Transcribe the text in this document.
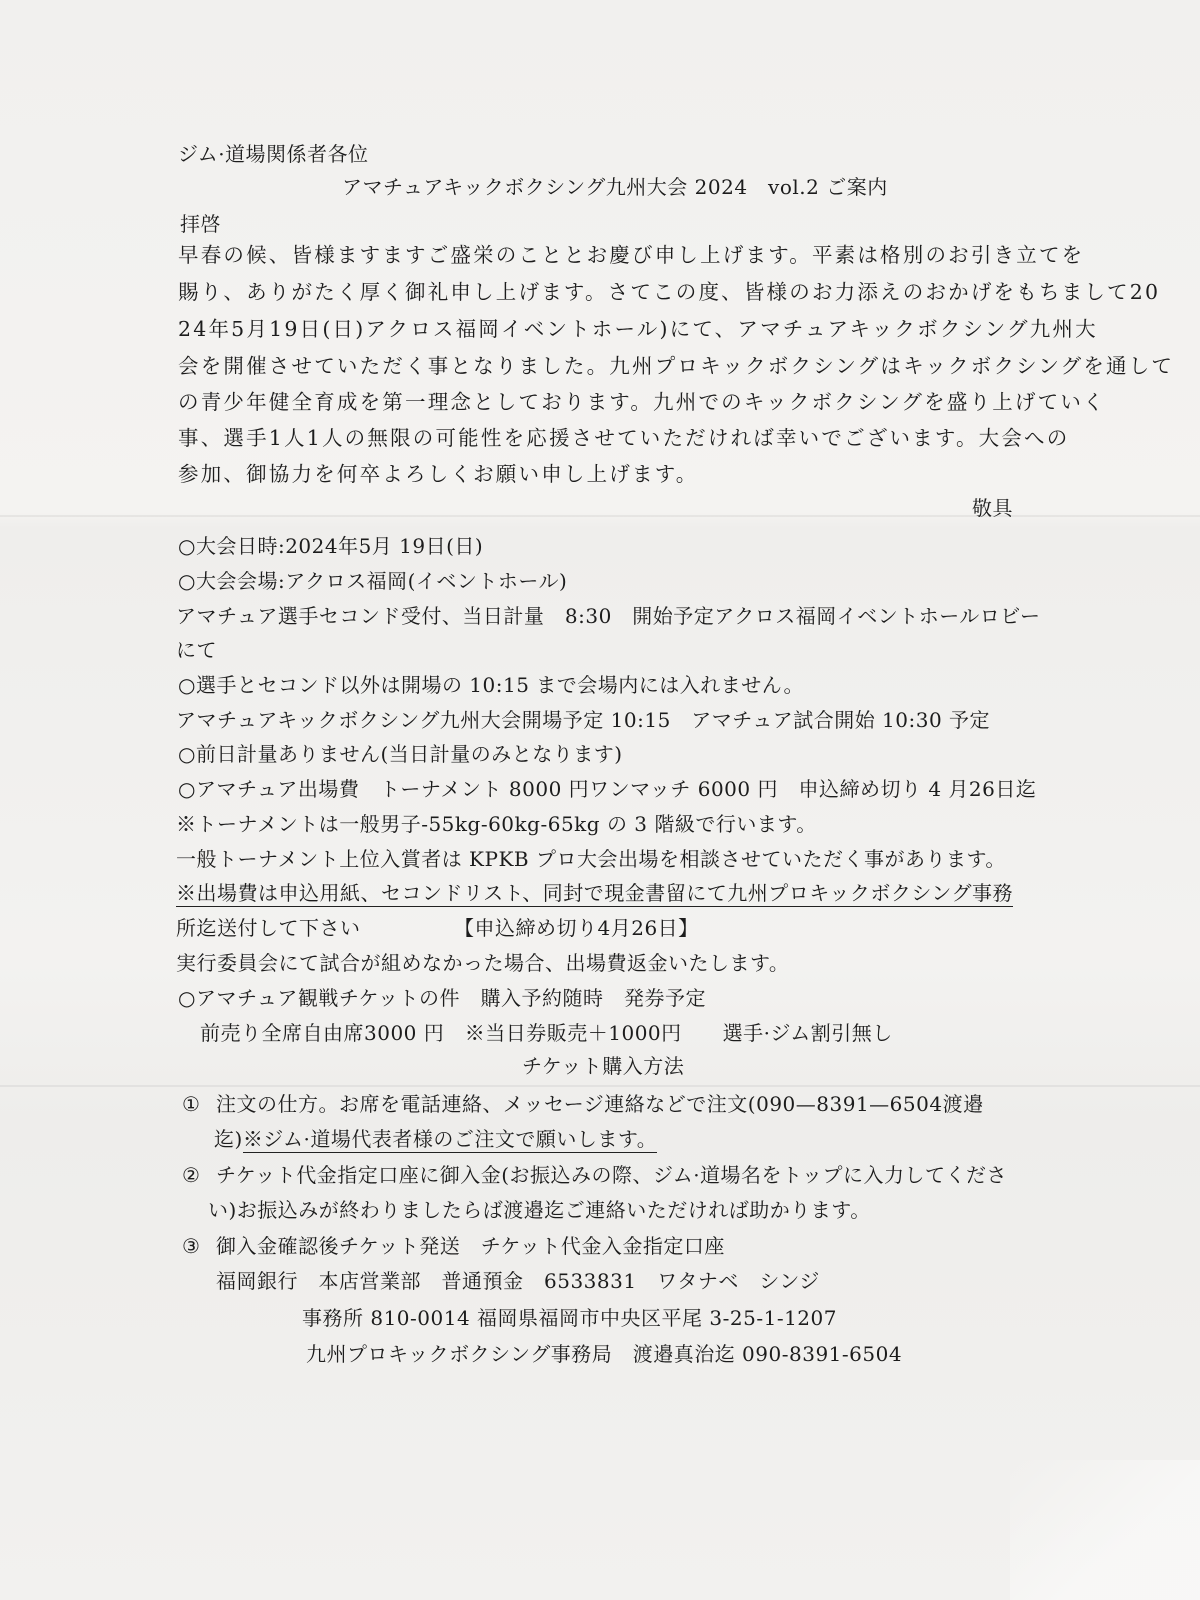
ジム·道場関係者各位
アマチュアキックボクシング九州大会 2024　vol.2 ご案内
拝啓
早春の候、皆様ますますご盛栄のこととお慶び申し上げます。平素は格別のお引き立てを
賜り、ありがたく厚く御礼申し上げます。さてこの度、皆様のお力添えのおかげをもちまして20
24年5月19日(日)アクロス福岡イベントホール)にて、アマチュアキックボクシング九州大
会を開催させていただく事となりました。九州プロキックボクシングはキックボクシングを通して
の青少年健全育成を第一理念としております。九州でのキックボクシングを盛り上げていく
事、選手1人1人の無限の可能性を応援させていただければ幸いでございます。大会への
参加、御協力を何卒よろしくお願い申し上げます。
敬具
○大会日時:2024年5月 19日(日)
○大会会場:アクロス福岡(イベントホール)
アマチュア選手セコンド受付、当日計量　8:30　開始予定アクロス福岡イベントホールロビー
にて
○選手とセコンド以外は開場の 10:15 まで会場内には入れません。
アマチュアキックボクシング九州大会開場予定 10:15　アマチュア試合開始 10:30 予定
○前日計量ありません(当日計量のみとなります)
○アマチュア出場費　トーナメント 8000 円ワンマッチ 6000 円　申込締め切り 4 月26日迄
※トーナメントは一般男子-55kg-60kg-65kg の 3 階級で行います。
一般トーナメント上位入賞者は KPKB プロ大会出場を相談させていただく事があります。
※出場費は申込用紙、セコンドリスト、同封で現金書留にて九州プロキックボクシング事務
所迄送付して下さい	【申込締め切り4月26日】
実行委員会にて試合が組めなかった場合、出場費返金いたします。
○アマチュア観戦チケットの件　購入予約随時　発券予定
前売り全席自由席3000 円　※当日券販売＋1000円　　選手·ジム割引無し
チケット購入方法
① 注文の仕方。お席を電話連絡、メッセージ連絡などで注文(090—8391—6504渡邉
迄)※ジム·道場代表者様のご注文で願いします。
② チケット代金指定口座に御入金(お振込みの際、ジム·道場名をトップに入力してくださ
い)お振込みが終わりましたらば渡邉迄ご連絡いただければ助かります。
③ 御入金確認後チケット発送　チケット代金入金指定口座
福岡銀行　本店営業部　普通預金　6533831　ワタナベ　シンジ
事務所 810-0014 福岡県福岡市中央区平尾 3-25-1-1207
九州プロキックボクシング事務局　渡邉真治迄 090-8391-6504
